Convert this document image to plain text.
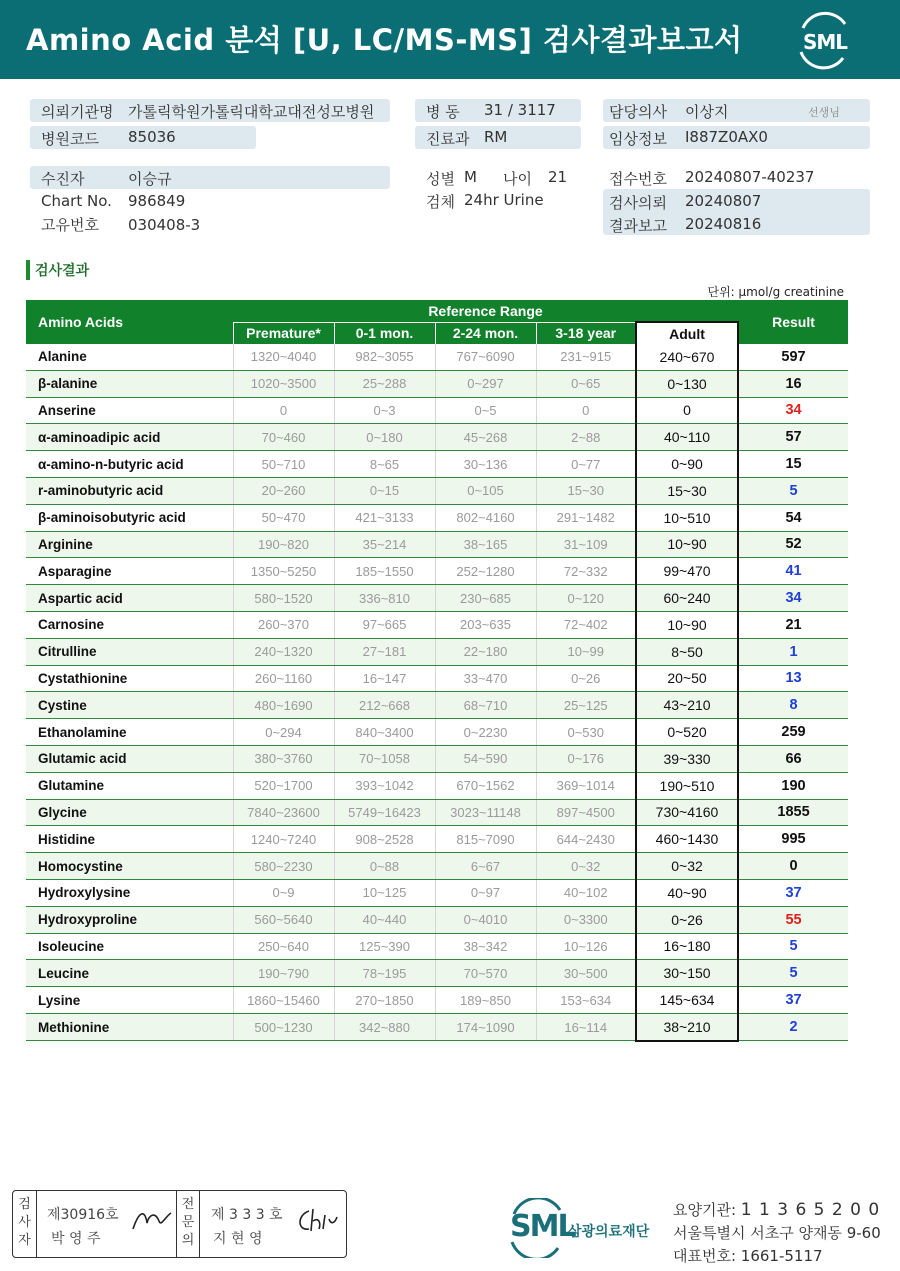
Amino Acid 분석 [U, LC/MS-MS] 검사결과보고서	SML
의뢰기관명 가톨릭학원가톨릭대학교대전성모병원
병원코드 85036
병 동 31 / 3117
진료과 RM
담당의사 이상지	선생님
임상정보 I887Z0AX0
수진자	이승규
Chart No. 986849
고유번호 030408-3
성별 M 나이 21
검체 24hr Urine
접수번호 20240807-40237
검사의뢰 20240807
결과보고 20240816
검사결과
단위: µmol/g creatinine
Amino Acids	Reference Range					Result
	Premature*	0-1 mon.	2-24 mon.	3-18 year	Adult	
Alanine	1320~4040	982~3055	767~6090	231~915	240~670	597
β-alanine	1020~3500	25~288	0~297	0~65	0~130	16
Anserine	0	0~3	0~5	0	0	34
α-aminoadipic acid	70~460	0~180	45~268	2~88	40~110	57
α-amino-n-butyric acid	50~710	8~65	30~136	0~77	0~90	15
r-aminobutyric acid	20~260	0~15	0~105	15~30	15~30	5
β-aminoisobutyric acid	50~470	421~3133	802~4160	291~1482	10~510	54
Arginine	190~820	35~214	38~165	31~109	10~90	52
Asparagine	1350~5250	185~1550	252~1280	72~332	99~470	41
Aspartic acid	580~1520	336~810	230~685	0~120	60~240	34
Carnosine	260~370	97~665	203~635	72~402	10~90	21
Citrulline	240~1320	27~181	22~180	10~99	8~50	1
Cystathionine	260~1160	16~147	33~470	0~26	20~50	13
Cystine	480~1690	212~668	68~710	25~125	43~210	8
Ethanolamine	0~294	840~3400	0~2230	0~530	0~520	259
Glutamic acid	380~3760	70~1058	54~590	0~176	39~330	66
Glutamine	520~1700	393~1042	670~1562	369~1014	190~510	190
Glycine	7840~23600	5749~16423	3023~11148	897~4500	730~4160	1855
Histidine	1240~7240	908~2528	815~7090	644~2430	460~1430	995
Homocystine	580~2230	0~88	6~67	0~32	0~32	0
Hydroxylysine	0~9	10~125	0~97	40~102	40~90	37
Hydroxyproline	560~5640	40~440	0~4010	0~3300	0~26	55
Isoleucine	250~640	125~390	38~342	10~126	16~180	5
Leucine	190~790	78~195	70~570	30~500	30~150	5
Lysine	1860~15460	270~1850	189~850	153~634	145~634	37
Methionine	500~1230	342~880	174~1090	16~114	38~210	2
검사자
제30916호
박 영 주
전문의
제 3 3 3 호
지 현 영	SML
삼광의료재단
요양기관: 1 1 3 6 5 2 0 0
서울특별시 서초구 양재동 9-60
대표번호: 1661-5117
